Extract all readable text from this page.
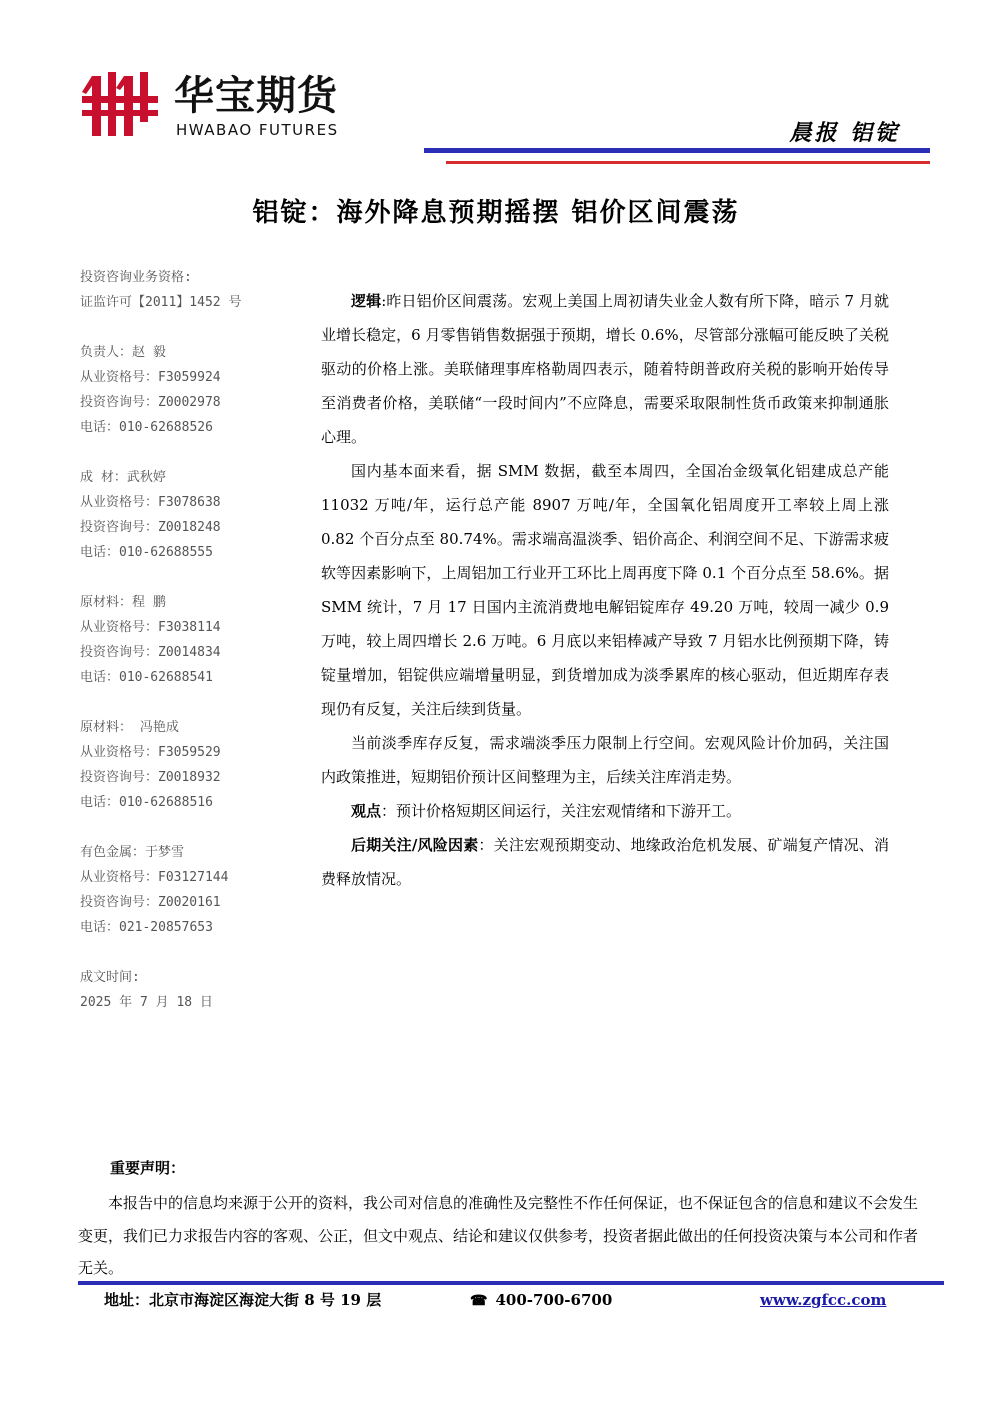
华宝期货
HWABAO FUTURES	晨报 铝锭
铝锭：海外降息预期摇摆 铝价区间震荡
投资咨询业务资格:
证监许可【2011】1452 号
负责人：赵 毅
从业资格号：F3059924
投资咨询号：Z0002978
电话：010-62688526
成 材：武秋婷
从业资格号：F3078638
投资咨询号：Z0018248
电话：010-62688555
原材料：程 鹏
从业资格号：F3038114
投资咨询号：Z0014834
电话：010-62688541
原材料： 冯艳成
从业资格号：F3059529
投资咨询号：Z0018932
电话：010-62688516
有色金属：于梦雪
从业资格号：F03127144
投资咨询号：Z0020161
电话：021-20857653
成文时间:
2025 年 7 月 18 日

逻辑:昨日铝价区间震荡。宏观上美国上周初请失业金人数有所下降，暗示 7 月就业增长稳定，6 月零售销售数据强于预期，增长 0.6%，尽管部分涨幅可能反映了关税驱动的价格上涨。美联储理事库格勒周四表示，随着特朗普政府关税的影响开始传导至消费者价格，美联储“一段时间内”不应降息，需要采取限制性货币政策来抑制通胀心理。

国内基本面来看，据 SMM 数据，截至本周四，全国冶金级氧化铝建成总产能 11032 万吨/年，运行总产能 8907 万吨/年，全国氧化铝周度开工率较上周上涨 0.82 个百分点至 80.74%。需求端高温淡季、铝价高企、利润空间不足、下游需求疲软等因素影响下，上周铝加工行业开工环比上周再度下降 0.1 个百分点至 58.6%。据 SMM 统计，7 月 17 日国内主流消费地电解铝锭库存 49.20 万吨，较周一减少 0.9 万吨，较上周四增长 2.6 万吨。6 月底以来铝棒减产导致 7 月铝水比例预期下降，铸锭量增加，铝锭供应端增量明显，到货增加成为淡季累库的核心驱动，但近期库存表现仍有反复，关注后续到货量。

当前淡季库存反复，需求端淡季压力限制上行空间。宏观风险计价加码，关注国内政策推进，短期铝价预计区间整理为主，后续关注库消走势。

观点：预计价格短期区间运行，关注宏观情绪和下游开工。

后期关注/风险因素：关注宏观预期变动、地缘政治危机发展、矿端复产情况、消费释放情况。

重要声明：
本报告中的信息均来源于公开的资料，我公司对信息的准确性及完整性不作任何保证，也不保证包含的信息和建议不会发生变更，我们已力求报告内容的客观、公正，但文中观点、结论和建议仅供参考，投资者据此做出的任何投资决策与本公司和作者无关。
地址：北京市海淀区海淀大街 8 号 19 层	☎ 400-700-6700	www.zgfcc.com
